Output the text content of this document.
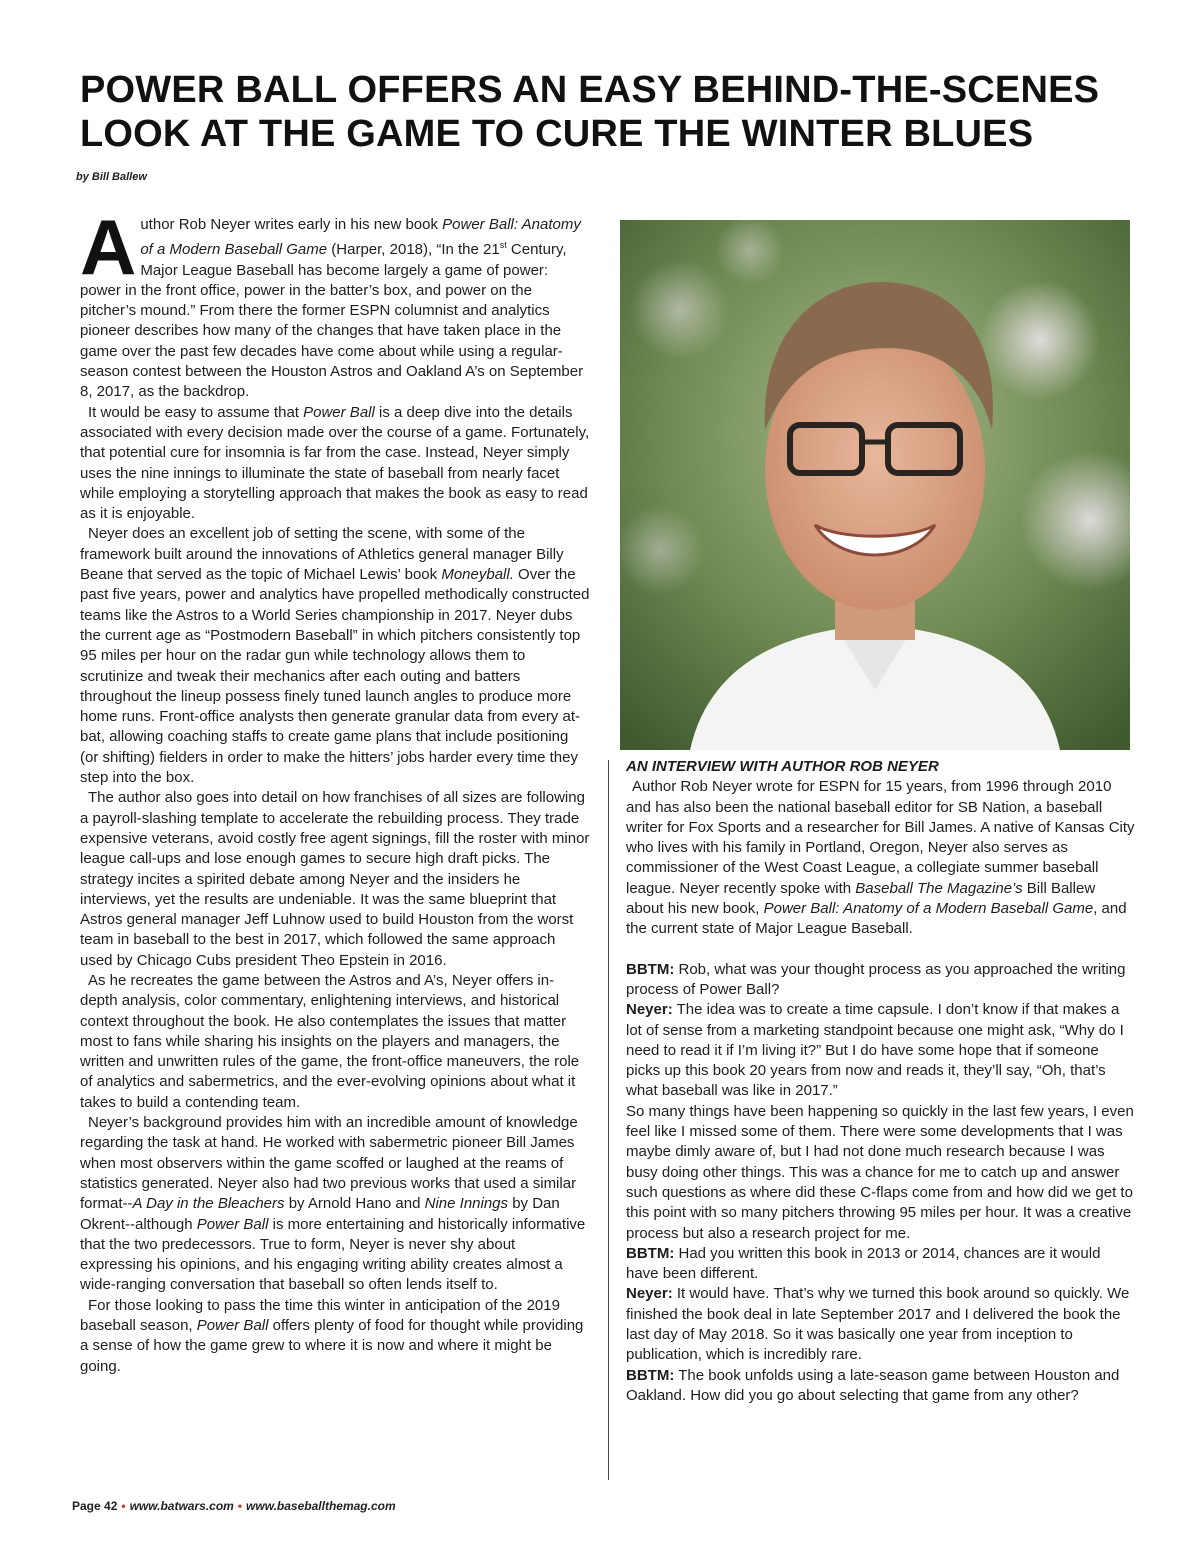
POWER BALL OFFERS AN EASY BEHIND-THE-SCENES LOOK AT THE GAME TO CURE THE WINTER BLUES
by Bill Ballew

Author Rob Neyer writes early in his new book Power Ball: Anatomy of a Modern Baseball Game (Harper, 2018), “In the 21st Century, Major League Baseball has become largely a game of power: power in the front office, power in the batter’s box, and power on the pitcher’s mound.” From there the former ESPN columnist and analytics pioneer describes how many of the changes that have taken place in the game over the past few decades have come about while using a regular-season contest between the Houston Astros and Oakland A’s on September 8, 2017, as the backdrop.

It would be easy to assume that Power Ball is a deep dive into the details associated with every decision made over the course of a game. Fortunately, that potential cure for insomnia is far from the case. Instead, Neyer simply uses the nine innings to illuminate the state of baseball from nearly facet while employing a storytelling approach that makes the book as easy to read as it is enjoyable.

Neyer does an excellent job of setting the scene, with some of the framework built around the innovations of Athletics general manager Billy Beane that served as the topic of Michael Lewis’ book Moneyball. Over the past five years, power and analytics have propelled methodically constructed teams like the Astros to a World Series championship in 2017. Neyer dubs the current age as “Postmodern Baseball” in which pitchers consistently top 95 miles per hour on the radar gun while technology allows them to scrutinize and tweak their mechanics after each outing and batters throughout the lineup possess finely tuned launch angles to produce more home runs. Front-office analysts then generate granular data from every at-bat, allowing coaching staffs to create game plans that include positioning (or shifting) fielders in order to make the hitters’ jobs harder every time they step into the box.

The author also goes into detail on how franchises of all sizes are following a payroll-slashing template to accelerate the rebuilding process. They trade expensive veterans, avoid costly free agent signings, fill the roster with minor league call-ups and lose enough games to secure high draft picks. The strategy incites a spirited debate among Neyer and the insiders he interviews, yet the results are undeniable. It was the same blueprint that Astros general manager Jeff Luhnow used to build Houston from the worst team in baseball to the best in 2017, which followed the same approach used by Chicago Cubs president Theo Epstein in 2016.

As he recreates the game between the Astros and A’s, Neyer offers in-depth analysis, color commentary, enlightening interviews, and historical context throughout the book. He also contemplates the issues that matter most to fans while sharing his insights on the players and managers, the written and unwritten rules of the game, the front-office maneuvers, the role of analytics and sabermetrics, and the ever-evolving opinions about what it takes to build a contending team.

Neyer’s background provides him with an incredible amount of knowledge regarding the task at hand. He worked with sabermetric pioneer Bill James when most observers within the game scoffed or laughed at the reams of statistics generated. Neyer also had two previous works that used a similar format--A Day in the Bleachers by Arnold Hano and Nine Innings by Dan Okrent--although Power Ball is more entertaining and historically informative that the two predecessors. True to form, Neyer is never shy about expressing his opinions, and his engaging writing ability creates almost a wide-ranging conversation that baseball so often lends itself to.

For those looking to pass the time this winter in anticipation of the 2019 baseball season, Power Ball offers plenty of food for thought while providing a sense of how the game grew to where it is now and where it might be going.

AN INTERVIEW WITH AUTHOR ROB NEYER

Author Rob Neyer wrote for ESPN for 15 years, from 1996 through 2010 and has also been the national baseball editor for SB Nation, a baseball writer for Fox Sports and a researcher for Bill James. A native of Kansas City who lives with his family in Portland, Oregon, Neyer also serves as commissioner of the West Coast League, a collegiate summer baseball league. Neyer recently spoke with Baseball The Magazine’s Bill Ballew about his new book, Power Ball: Anatomy of a Modern Baseball Game, and the current state of Major League Baseball.

BBTM: Rob, what was your thought process as you approached the writing process of Power Ball?

Neyer: The idea was to create a time capsule. I don’t know if that makes a lot of sense from a marketing standpoint because one might ask, “Why do I need to read it if I’m living it?” But I do have some hope that if someone picks up this book 20 years from now and reads it, they’ll say, “Oh, that’s what baseball was like in 2017.”

So many things have been happening so quickly in the last few years, I even feel like I missed some of them. There were some developments that I was maybe dimly aware of, but I had not done much research because I was busy doing other things. This was a chance for me to catch up and answer such questions as where did these C-flaps come from and how did we get to this point with so many pitchers throwing 95 miles per hour. It was a creative process but also a research project for me.

BBTM: Had you written this book in 2013 or 2014, chances are it would have been different.

Neyer: It would have. That’s why we turned this book around so quickly. We finished the book deal in late September 2017 and I delivered the book the last day of May 2018. So it was basically one year from inception to publication, which is incredibly rare.

BBTM: The book unfolds using a late-season game between Houston and Oakland. How did you go about selecting that game from any other?

Page 42 • www.batwars.com • www.baseballthemag.com
